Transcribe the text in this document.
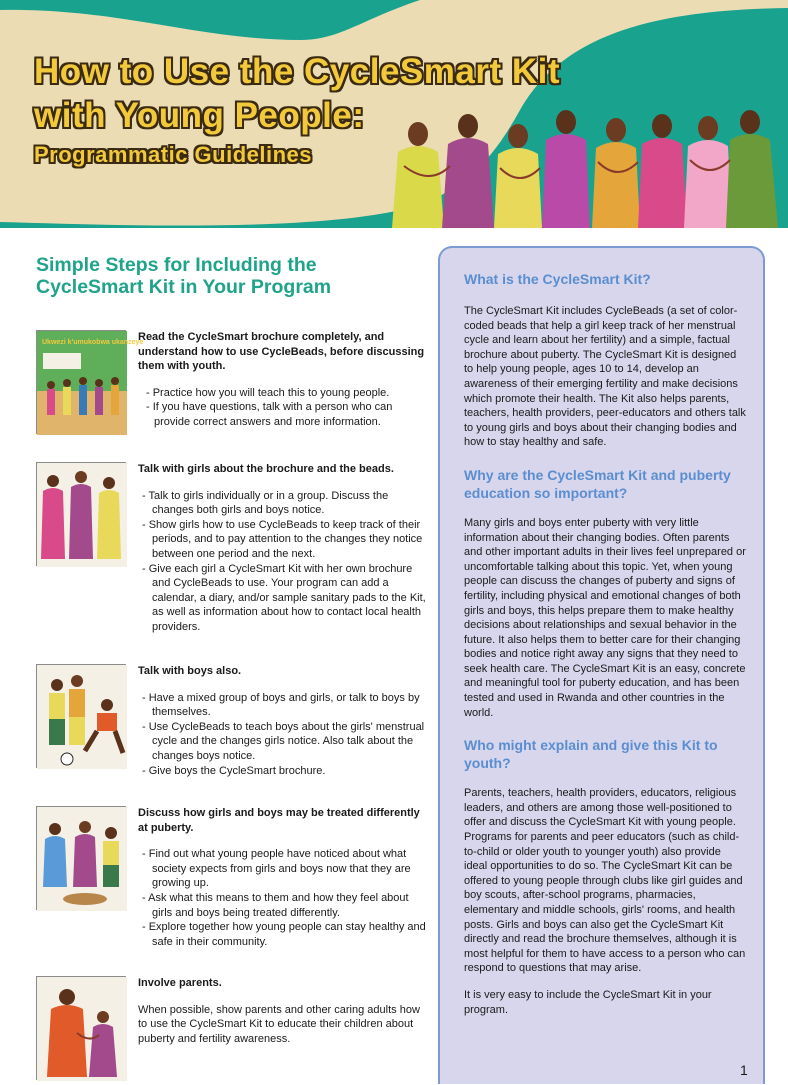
How to Use the CycleSmart Kit
with Young People:
Programmatic Guidelines
Simple Steps for Including the
CycleSmart Kit in Your Program
Ukwezi k'umukobwa ukanzeye
Read the CycleSmart brochure completely, and understand how to use CycleBeads, before discussing them with youth.
- Practice how you will teach this to young people.
- If you have questions, talk with a person who can provide correct answers and more information.
Talk with girls about the brochure and the beads.
- Talk to girls individually or in a group. Discuss the changes both girls and boys notice.
- Show girls how to use CycleBeads to keep track of their periods, and to pay attention to the changes they notice between one period and the next.
- Give each girl a CycleSmart Kit with her own brochure and CycleBeads to use. Your program can add a calendar, a diary, and/or sample sanitary pads to the Kit, as well as information about how to contact local health providers.
Talk with boys also.
- Have a mixed group of boys and girls, or talk to boys by themselves.
- Use CycleBeads to teach boys about the girls' menstrual cycle and the changes girls notice. Also talk about the changes boys notice.
- Give boys the CycleSmart brochure.
Discuss how girls and boys may be treated differently at puberty.
- Find out what young people have noticed about what society expects from girls and boys now that they are growing up.
- Ask what this means to them and how they feel about girls and boys being treated differently.
- Explore together how young people can stay healthy and safe in their community.
Involve parents.
When possible, show parents and other caring adults how to use the CycleSmart Kit to educate their children about puberty and fertility awareness.
What is the CycleSmart Kit?
The CycleSmart Kit includes CycleBeads (a set of color-coded beads that help a girl keep track of her menstrual cycle and learn about her fertility) and a simple, factual brochure about puberty. The CycleSmart Kit is designed to help young people, ages 10 to 14, develop an awareness of their emerging fertility and make decisions which promote their health. The Kit also helps parents, teachers, health providers, peer-educators and others talk to young girls and boys about their changing bodies and how to stay healthy and safe.
Why are the CycleSmart Kit and puberty education so important?
Many girls and boys enter puberty with very little information about their changing bodies. Often parents and other important adults in their lives feel unprepared or uncomfortable talking about this topic. Yet, when young people can discuss the changes of puberty and signs of fertility, including physical and emotional changes of both girls and boys, this helps prepare them to make healthy decisions about relationships and sexual behavior in the future. It also helps them to better care for their changing bodies and notice right away any signs that they need to seek health care. The CycleSmart Kit is an easy, concrete and meaningful tool for puberty education, and has been tested and used in Rwanda and other countries in the world.
Who might explain and give this Kit to youth?
Parents, teachers, health providers, educators, religious leaders, and others are among those well-positioned to offer and discuss the CycleSmart Kit with young people. Programs for parents and peer educators (such as child-to-child or older youth to younger youth) also provide ideal opportunities to do so. The CycleSmart Kit can be offered to young people through clubs like girl guides and boy scouts, after-school programs, pharmacies, elementary and middle schools, girls' rooms, and health posts. Girls and boys can also get the CycleSmart Kit directly and read the brochure themselves, although it is most helpful for them to have access to a person who can respond to questions that may arise.
It is very easy to include the CycleSmart Kit in your program.
1
